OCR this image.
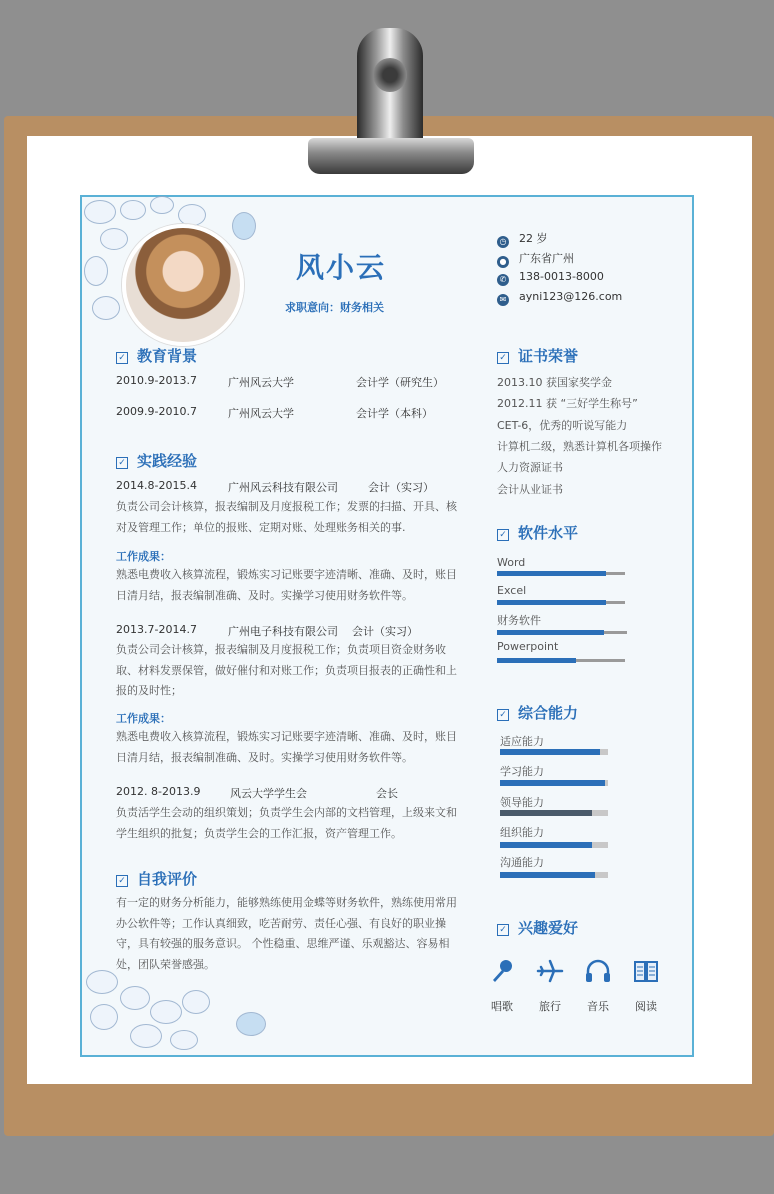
风小云
求职意向：财务相关
◷ 22 岁
● 广东省广州
✆ 138-0013-8000
✉ ayni123@126.com
✓ 教育背景
2010.9-2013.7	广州风云大学	会计学（研究生）
2009.9-2010.7	广州风云大学	会计学（本科）
✓ 实践经验
2014.8-2015.4	广州风云科技有限公司	会计（实习）
负责公司会计核算，报表编制及月度报税工作；发票的扫描、开具、核对及管理工作；单位的报账、定期对账、处理账务相关的事.
工作成果：
熟悉电费收入核算流程，锻炼实习记账要字迹清晰、准确、及时，账目日清月结，报表编制准确、及时。实操学习使用财务软件等。
2013.7-2014.7	广州电子科技有限公司 会计（实习）
负责公司会计核算，报表编制及月度报税工作；负责项目资金财务收取、材料发票保管，做好催付和对账工作；负责项目报表的正确性和上报的及时性；
工作成果：
熟悉电费收入核算流程，锻炼实习记账要字迹清晰、准确、及时，账目日清月结，报表编制准确、及时。实操学习使用财务软件等。
2012. 8-2013.9	风云大学学生会	会长
负责活学生会动的组织策划；负责学生会内部的文档管理，上级来文和学生组织的批复；负责学生会的工作汇报，资产管理工作。
✓ 自我评价
有一定的财务分析能力，能够熟练使用金蝶等财务软件，熟练使用常用办公软件等；工作认真细致，吃苦耐劳、责任心强、有良好的职业操守，具有较强的服务意识。 个性稳重、思维严谨、乐观豁达、容易相处，团队荣誉感强。
✓ 证书荣誉
2013.10 获国家奖学金
2012.11 获 “三好学生称号”
CET-6，优秀的听说写能力
计算机二级，熟悉计算机各项操作
人力资源证书
会计从业证书
✓ 软件水平
Word
Excel
财务软件
Powerpoint
✓ 综合能力
适应能力
学习能力
领导能力
组织能力
沟通能力
✓ 兴趣爱好
唱歌	旅行	音乐	阅读
